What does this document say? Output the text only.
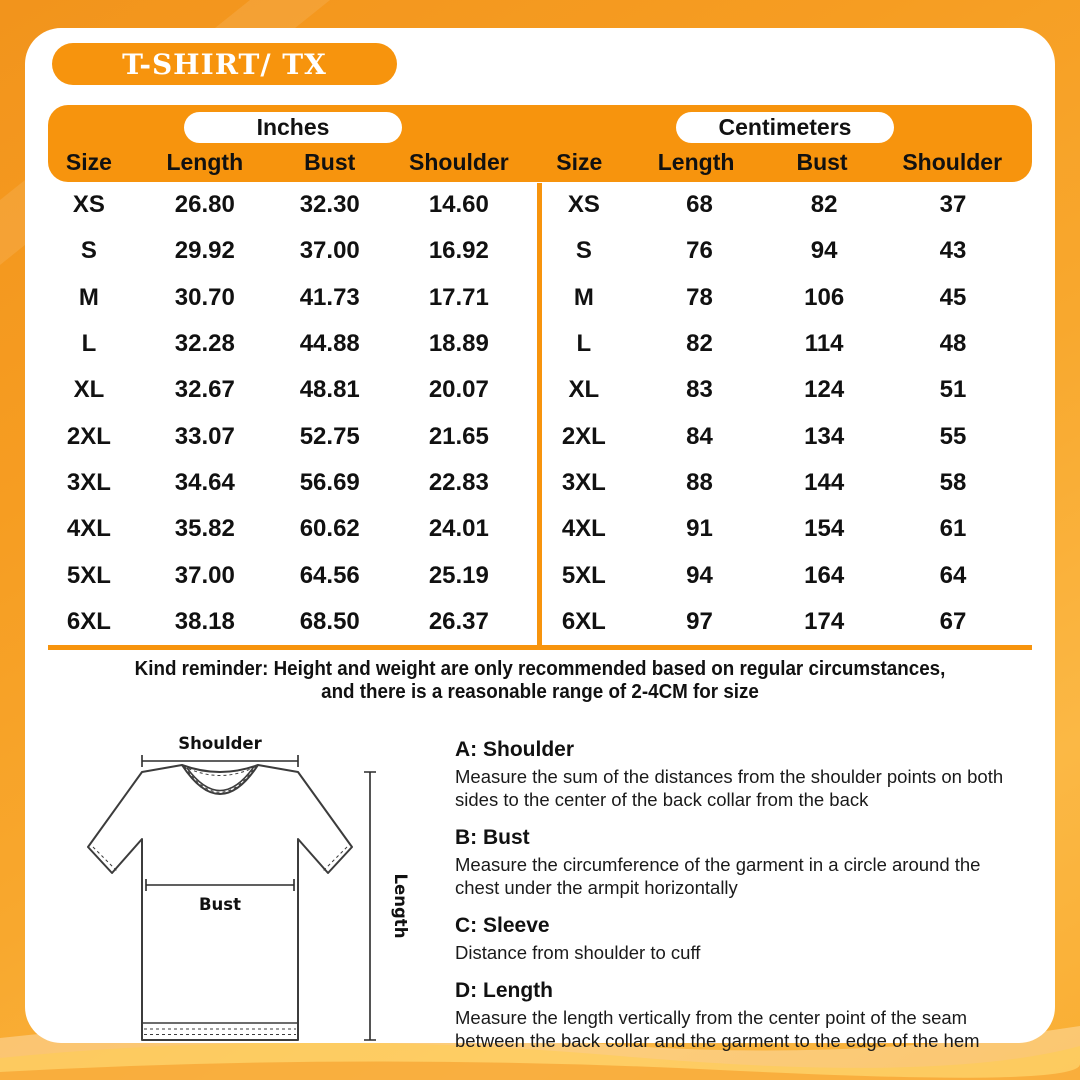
T-SHIRT/ TX
Inches
Size	Length	Bust	Shoulder
Centimeters
Size	Length	Bust	Shoulder
XS	26.80	32.30	14.60
S	29.92	37.00	16.92
M	30.70	41.73	17.71
L	32.28	44.88	18.89
XL	32.67	48.81	20.07
2XL	33.07	52.75	21.65
3XL	34.64	56.69	22.83
4XL	35.82	60.62	24.01
5XL	37.00	64.56	25.19
6XL	38.18	68.50	26.37
XS	68	82	37
S	76	94	43
M	78	106	45
L	82	114	48
XL	83	124	51
2XL	84	134	55
3XL	88	144	58
4XL	91	154	61
5XL	94	164	64
6XL	97	174	67
Kind reminder: Height and weight are only recommended based on regular circumstances,
and there is a reasonable range of 2-4CM for size
Shoulder
Bust	Length
A: Shoulder
Measure the sum of the distances from the shoulder points on both sides to the center of the back collar from the back
B: Bust
Measure the circumference of the garment in a circle around the chest under the armpit horizontally
C: Sleeve
Distance from shoulder to cuff
D: Length
Measure the length vertically from the center point of the seam between the back collar and the garment to the edge of the hem
